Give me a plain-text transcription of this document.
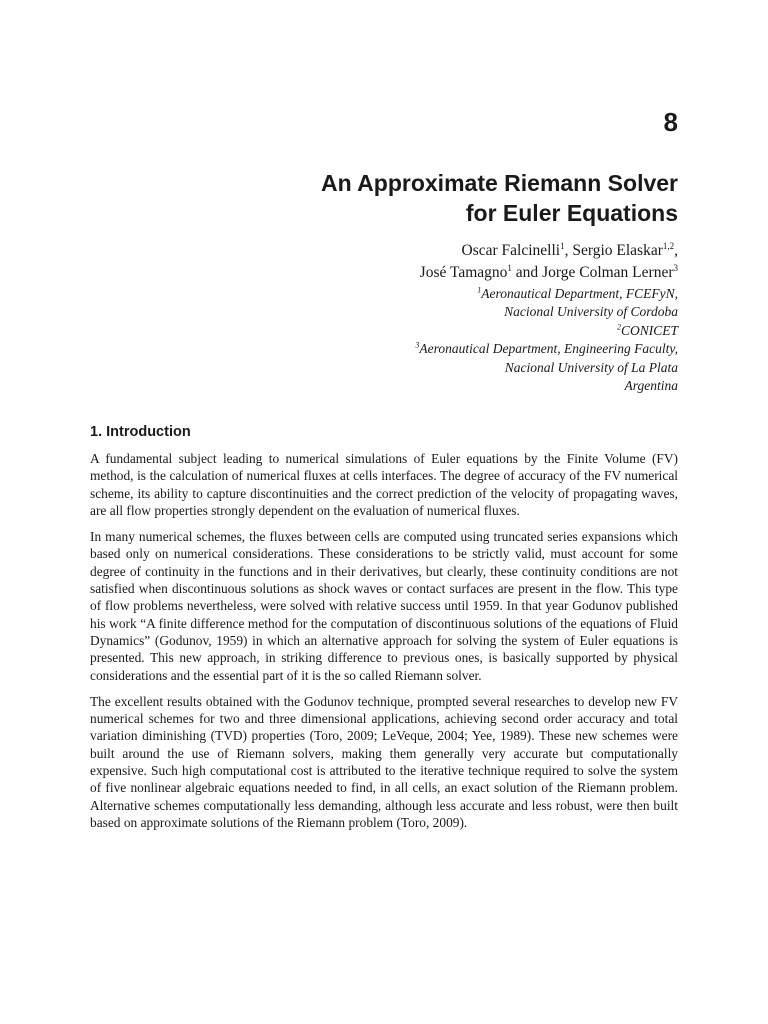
8
An Approximate Riemann Solver
for Euler Equations
Oscar Falcinelli$^1$, Sergio Elaskar$^{1,2}$,
José Tamagno$^1$ and Jorge Colman Lerner$^3$
$^1$Aeronautical Department, FCEFyN,
Nacional University of Cordoba
$^2$CONICET
$^3$Aeronautical Department, Engineering Faculty,
Nacional University of La Plata
Argentina
1. Introduction

A fundamental subject leading to numerical simulations of Euler equations by the Finite Volume (FV) method, is the calculation of numerical fluxes at cells interfaces. The degree of accuracy of the FV numerical scheme, its ability to capture discontinuities and the correct prediction of the velocity of propagating waves, are all flow properties strongly dependent on the evaluation of numerical fluxes.

In many numerical schemes, the fluxes between cells are computed using truncated series expansions which based only on numerical considerations. These considerations to be strictly valid, must account for some degree of continuity in the functions and in their derivatives, but clearly, these continuity conditions are not satisfied when discontinuous solutions as shock waves or contact surfaces are present in the flow. This type of flow problems nevertheless, were solved with relative success until 1959. In that year Godunov published his work “A finite difference method for the computation of discontinuous solutions of the equations of Fluid Dynamics” (Godunov, 1959) in which an alternative approach for solving the system of Euler equations is presented. This new approach, in striking difference to previous ones, is basically supported by physical considerations and the essential part of it is the so called Riemann solver.

The excellent results obtained with the Godunov technique, prompted several researches to develop new FV numerical schemes for two and three dimensional applications, achieving second order accuracy and total variation diminishing (TVD) properties (Toro, 2009; LeVeque, 2004; Yee, 1989). These new schemes were built around the use of Riemann solvers, making them generally very accurate but computationally expensive. Such high computational cost is attributed to the iterative technique required to solve the system of five nonlinear algebraic equations needed to find, in all cells, an exact solution of the Riemann problem. Alternative schemes computationally less demanding, although less accurate and less robust, were then built based on approximate solutions of the Riemann problem (Toro, 2009).
